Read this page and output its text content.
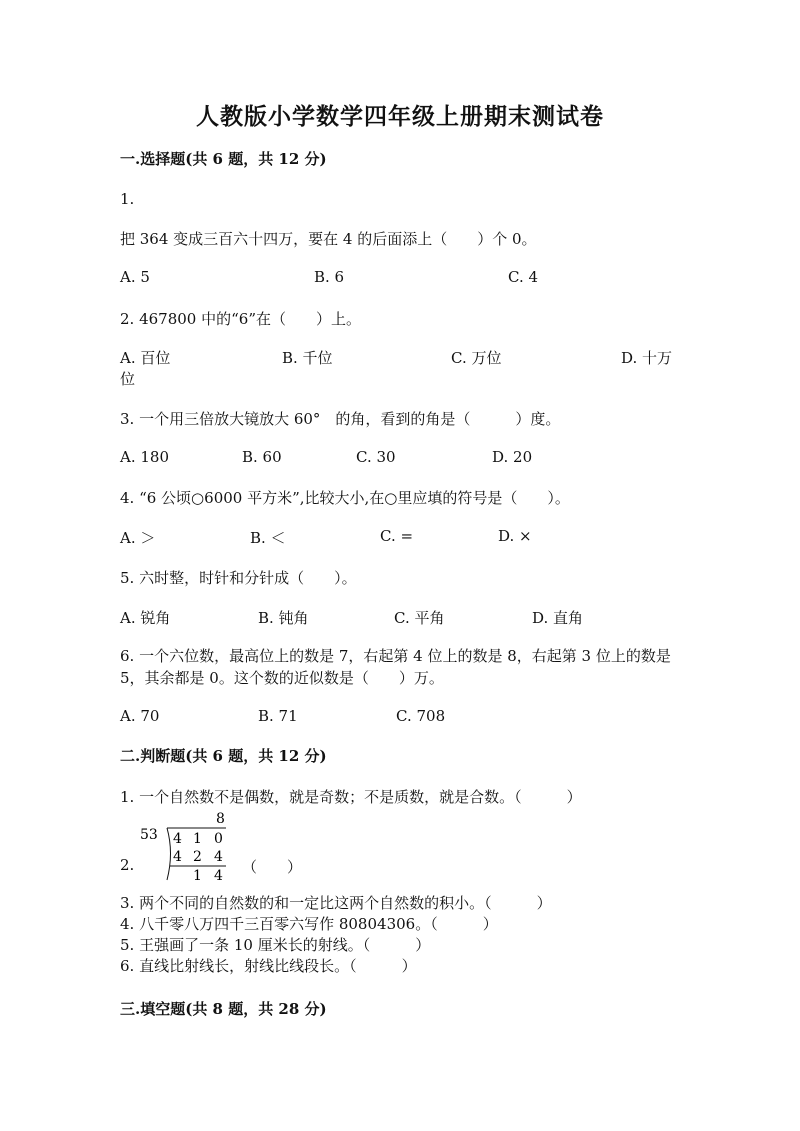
人教版小学数学四年级上册期末测试卷
一.选择题(共 6 题，共 12 分)
1.
把 364 变成三百六十四万，要在 4 的后面添上（　　）个 0。
A. 5	B. 6	C. 4
2. 467800 中的“6”在（　　）上。
A. 百位	B. 千位	C. 万位	D. 十万
位
3. 一个用三倍放大镜放大 60°　的角，看到的角是（　　　）度。
A. 180	B. 60	C. 30	D. 20
4. “6 公顷○6000 平方米”,比较大小,在○里应填的符号是（　　）。
A. ＞	B. ＜	C. =	D. ×
5. 六时整，时针和分针成（　　）。
A. 锐角	B. 钝角	C. 平角	D. 直角
6. 一个六位数，最高位上的数是 7，右起第 4 位上的数是 8，右起第 3 位上的数是 5，其余都是 0。这个数的近似数是（　　）万。
A. 70	B. 71	C. 708
二.判断题(共 6 题，共 12 分)
1. 一个自然数不是偶数，就是奇数；不是质数，就是合数。（　　　）
8
53 4 1 0
4 2 4
1 4
2.	（　　）
3. 两个不同的自然数的和一定比这两个自然数的积小。（　　　）
4. 八千零八万四千三百零六写作 80804306。（　　　）
5. 王强画了一条 10 厘米长的射线。（　　　）
6. 直线比射线长，射线比线段长。（　　　）
三.填空题(共 8 题，共 28 分)
